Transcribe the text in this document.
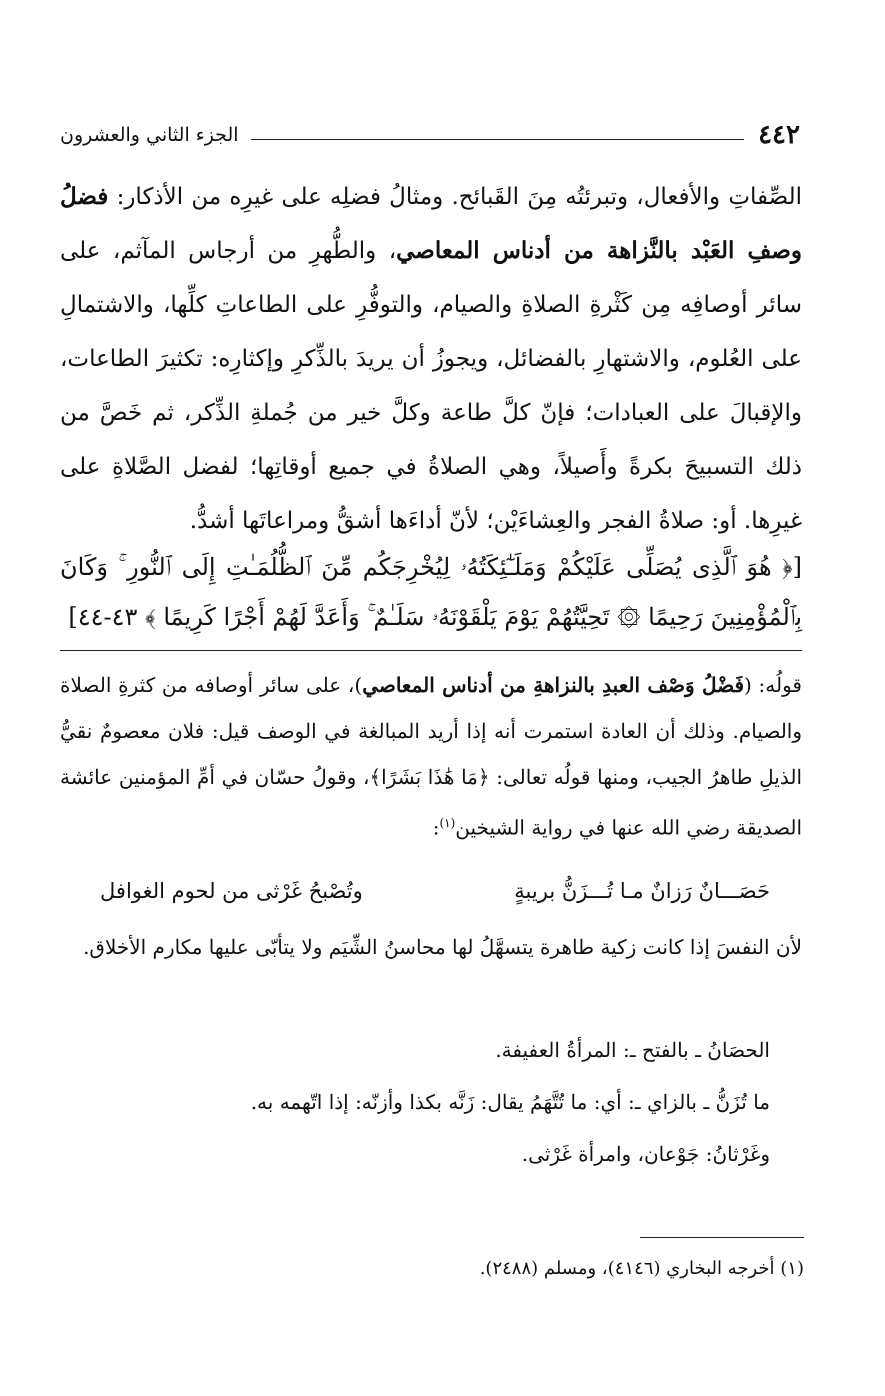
٤٤٢
الجزء الثاني والعشرون

الصِّفاتِ والأفعال، وتبرئتُه مِنَ القَبائح. ومثالُ فضلِه على غيرِه من الأذكار: فضلُ وصفِ العَبْد بالنَّزاهة من أدناس المعاصي، والطُّهرِ من أرجاس المآثم، على سائر أوصافِه مِن كَثْرةِ الصلاةِ والصيام، والتوفُّرِ على الطاعاتِ كلِّها، والاشتمالِ على العُلوم، والاشتهارِ بالفضائل، ويجوزُ أن يريدَ بالذِّكرِ وإكثارِه: تكثيرَ الطاعات، والإقبالَ على العبادات؛ فإنّ كلَّ طاعة وكلَّ خير من جُملةِ الذِّكر، ثم خَصَّ من ذلك التسبيحَ بكرةً وأَصيلاً، وهي الصلاةُ في جميع أوقاتِها؛ لفضل الصَّلاةِ على غيرِها. أو: صلاةُ الفجر والعِشاءَيْن؛ لأنّ أداءَها أشقُّ ومراعاتَها أشدُّ.

[﴿ هُوَ ٱلَّذِى يُصَلِّى عَلَيْكُمْ وَمَلَـٰٓئِكَتُهُۥ لِيُخْرِجَكُم مِّنَ ٱلظُّلُمَـٰتِ إِلَى ٱلنُّورِ ۚ وَكَانَ بِٱلْمُؤْمِنِينَ رَحِيمًا ۞ تَحِيَّتُهُمْ يَوْمَ يَلْقَوْنَهُۥ سَلَـٰمٌ ۚ وَأَعَدَّ لَهُمْ أَجْرًا كَرِيمًا ﴾ ٤٣-٤٤]

قولُه: (فَضْلُ وَصْف العبدِ بالنزاهةِ من أدناس المعاصي)، على سائر أوصافه من كثرةِ الصلاة والصيام. وذلك أن العادة استمرت أنه إذا أريد المبالغة في الوصف قيل: فلان معصومٌ نقيُّ الذيلِ طاهرُ الجيب، ومنها قولُه تعالى: ﴿مَا هَٰذَا بَشَرًا﴾، وقولُ حسّان في أمِّ المؤمنين عائشة الصديقة رضي الله عنها في رواية الشيخين$^{(١)}$:

حَصَـــانٌ رَزانٌ مـا تُـــزَنُّ بريبةٍ
وتُصْبحُ غَرْثى من لحوم الغوافل

لأن النفسَ إذا كانت زكية طاهرة يتسهَّلُ لها محاسنُ الشِّيَم ولا يتأبّى عليها مكارم الأخلاق.

الحصَانُ ـ بالفتح ـ: المرأةُ العفيفة.

ما تُزَنُّ ـ بالزاي ـ: أي: ما تُتَّهَمُ يقال: زَنَّه بكذا وأزنّه: إذا اتّهمه به.

وغَرْثانُ: جَوْعان، وامرأة غَرْثى.

(١) أخرجه البخاري (٤١٤٦)، ومسلم (٢٤٨٨).
